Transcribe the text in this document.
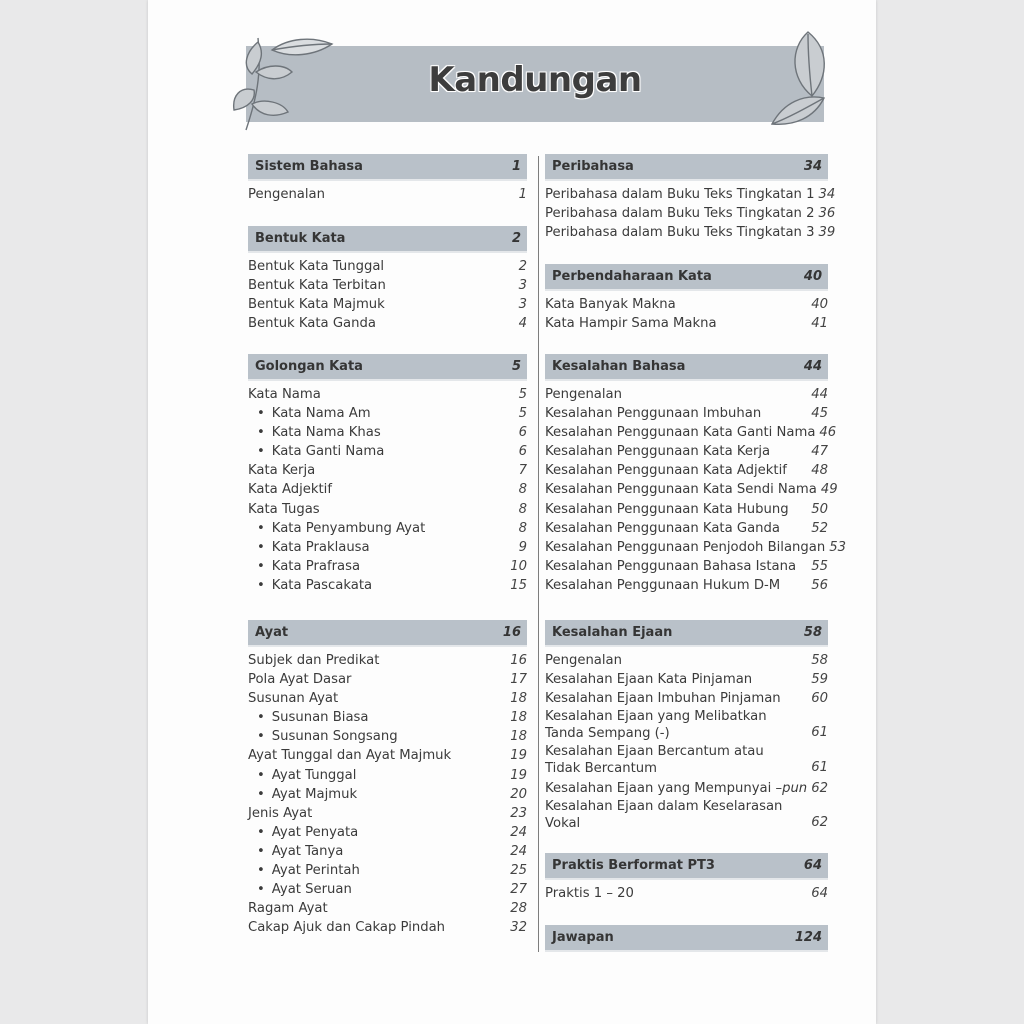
Kandungan
Sistem Bahasa	1
Pengenalan	1
Bentuk Kata	2
Bentuk Kata Tunggal	2
Bentuk Kata Terbitan	3
Bentuk Kata Majmuk	3
Bentuk Kata Ganda	4
Golongan Kata	5
Kata Nama	5
• Kata Nama Am	5
• Kata Nama Khas	6
• Kata Ganti Nama	6
Kata Kerja	7
Kata Adjektif	8
Kata Tugas	8
• Kata Penyambung Ayat	8
• Kata Praklausa	9
• Kata Prafrasa	10
• Kata Pascakata	15
Ayat	16
Subjek dan Predikat	16
Pola Ayat Dasar	17
Susunan Ayat	18
• Susunan Biasa	18
• Susunan Songsang	18
Ayat Tunggal dan Ayat Majmuk	19
• Ayat Tunggal	19
• Ayat Majmuk	20
Jenis Ayat	23
• Ayat Penyata	24
• Ayat Tanya	24
• Ayat Perintah	25
• Ayat Seruan	27
Ragam Ayat	28
Cakap Ajuk dan Cakap Pindah	32
Peribahasa	34
Peribahasa dalam Buku Teks Tingkatan 1 34
Peribahasa dalam Buku Teks Tingkatan 2 36
Peribahasa dalam Buku Teks Tingkatan 3 39
Perbendaharaan Kata	40
Kata Banyak Makna	40
Kata Hampir Sama Makna	41
Kesalahan Bahasa	44
Pengenalan	44
Kesalahan Penggunaan Imbuhan	45
Kesalahan Penggunaan Kata Ganti Nama 46
Kesalahan Penggunaan Kata Kerja	47
Kesalahan Penggunaan Kata Adjektif	48
Kesalahan Penggunaan Kata Sendi Nama 49
Kesalahan Penggunaan Kata Hubung	50
Kesalahan Penggunaan Kata Ganda	52
Kesalahan Penggunaan Penjodoh Bilangan 53
Kesalahan Penggunaan Bahasa Istana	55
Kesalahan Penggunaan Hukum D-M	56
Kesalahan Ejaan	58
Pengenalan	58
Kesalahan Ejaan Kata Pinjaman	59
Kesalahan Ejaan Imbuhan Pinjaman	60
Kesalahan Ejaan yang Melibatkan Tanda Sempang (-)	61
Kesalahan Ejaan Bercantum atau Tidak Bercantum	61
Kesalahan Ejaan yang Mempunyai –pun 62
Kesalahan Ejaan dalam Keselarasan Vokal	62
Praktis Berformat PT3	64
Praktis 1 – 20	64
Jawapan	124
